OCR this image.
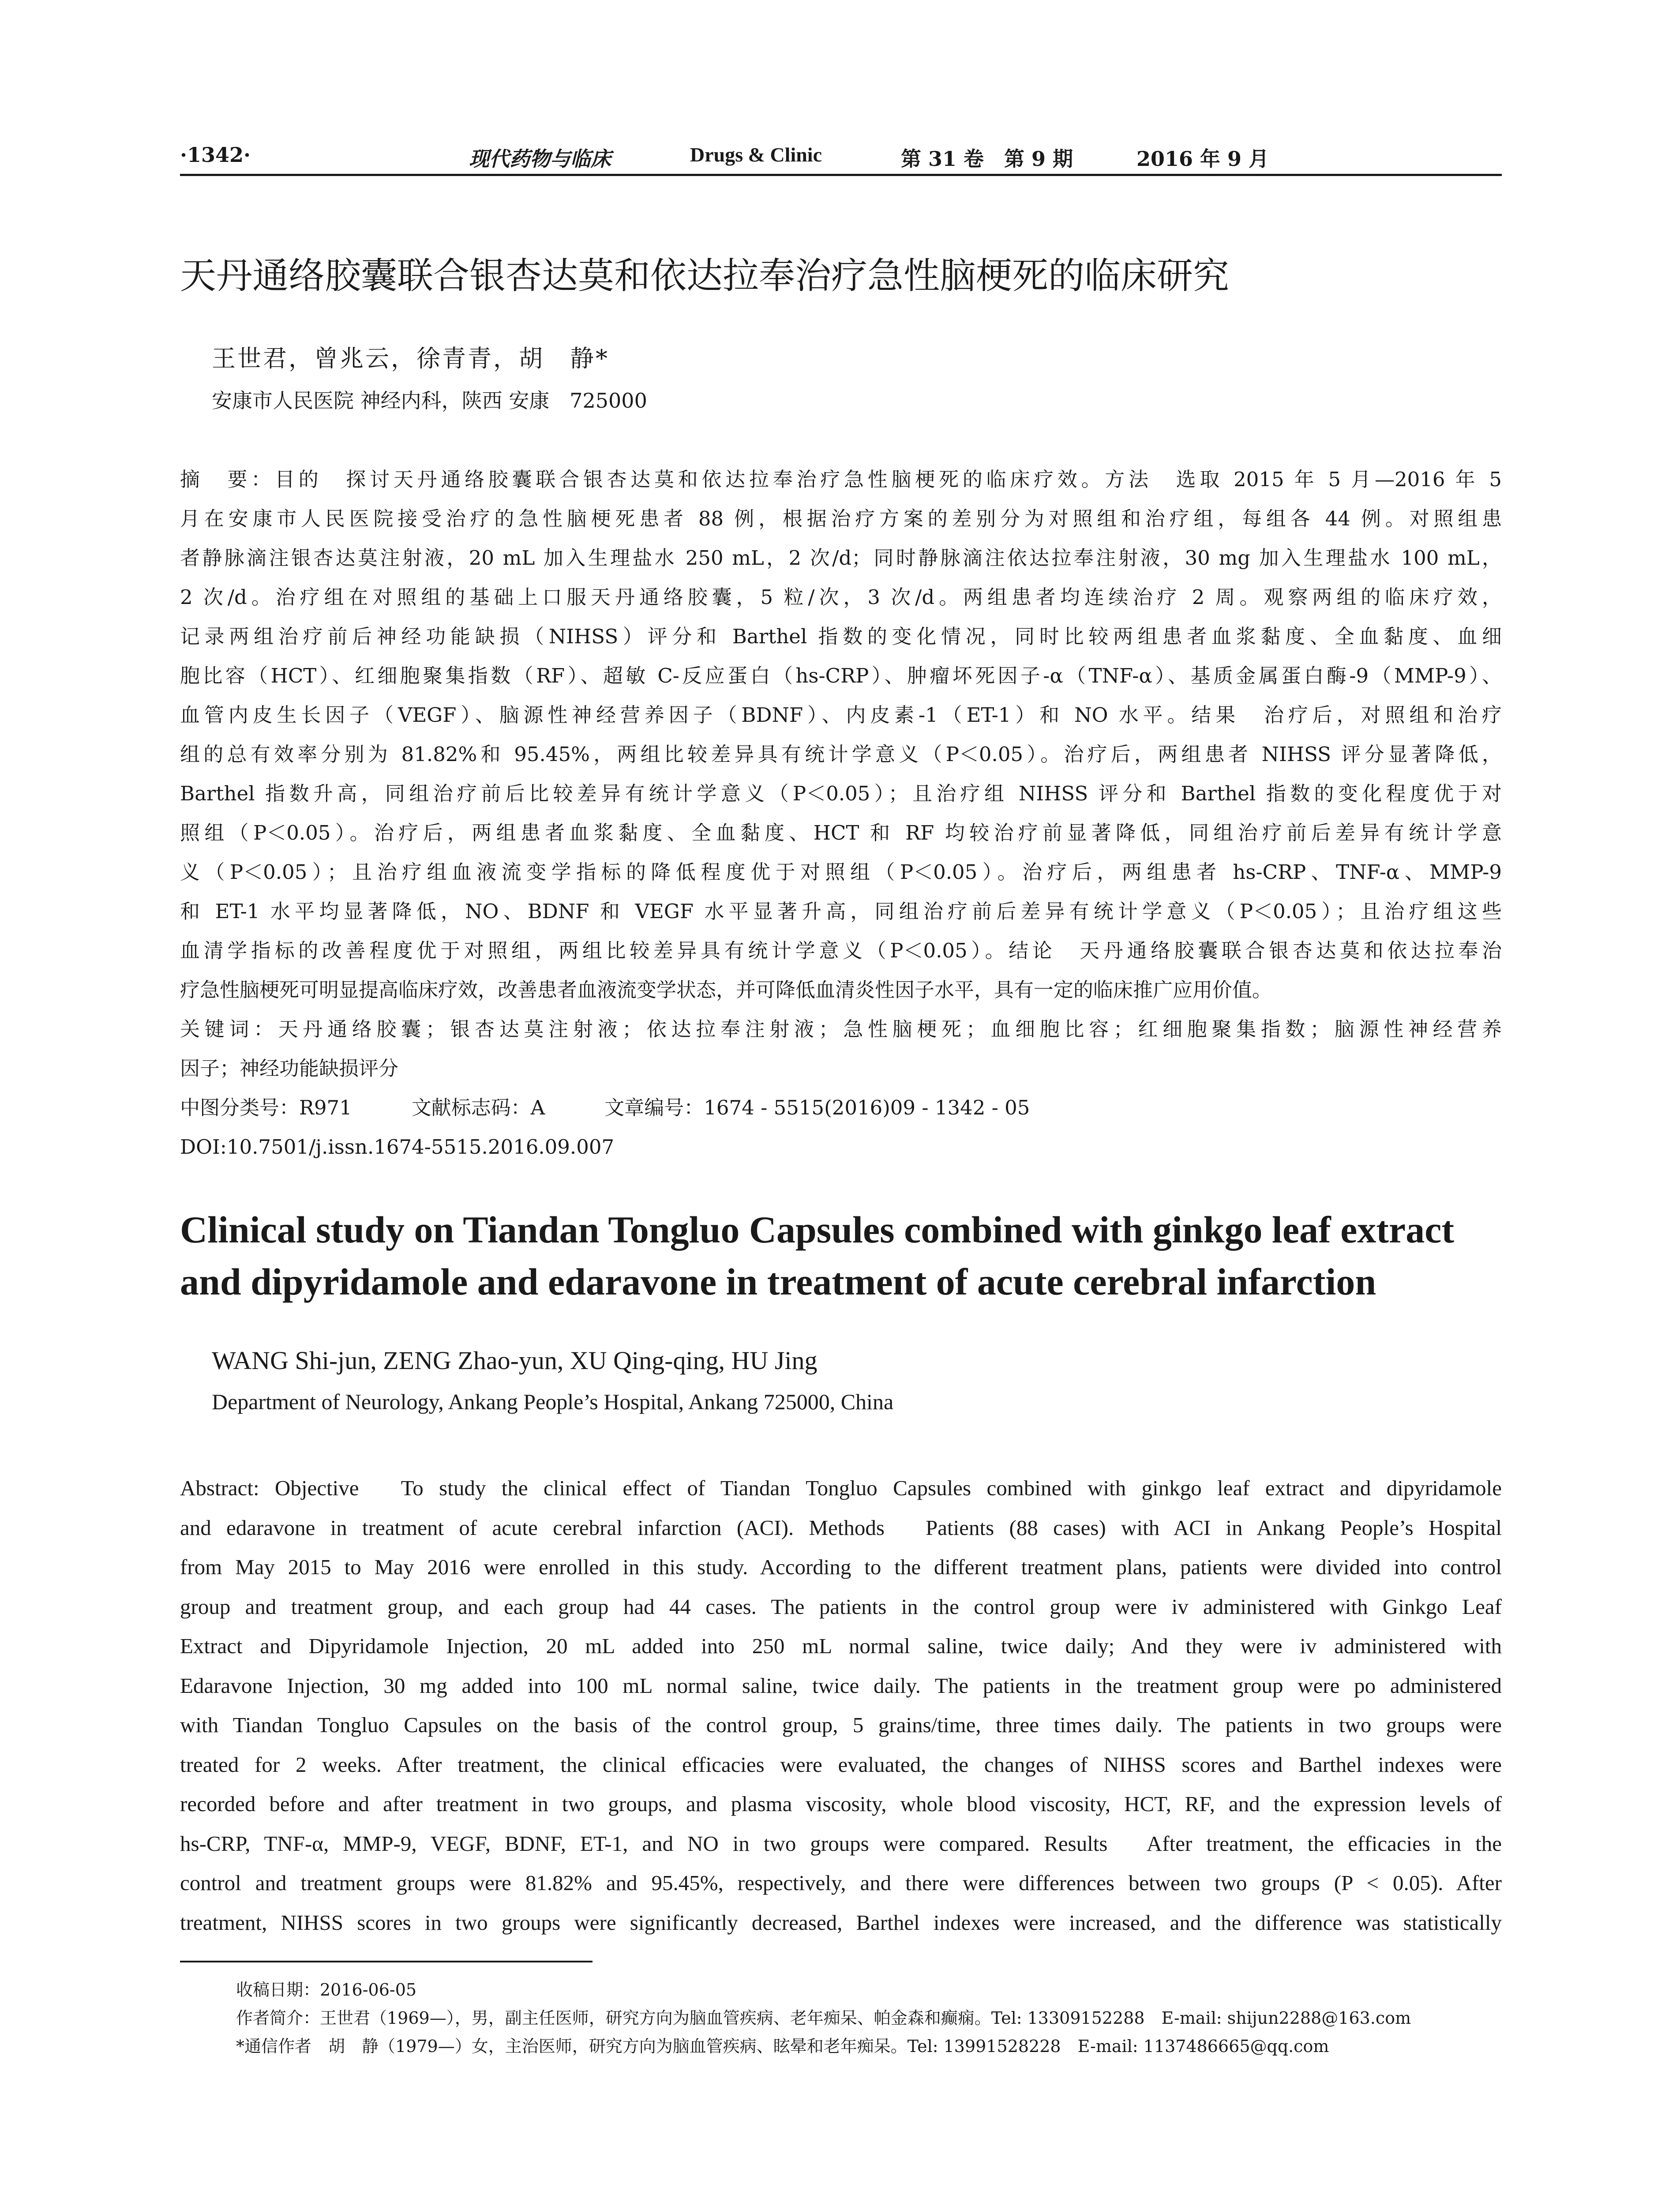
·1342·	现代药物与临床	Drugs & Clinic	第 31 卷　第 9 期	2016 年 9 月
天丹通络胶囊联合银杏达莫和依达拉奉治疗急性脑梗死的临床研究
王世君，曾兆云，徐青青，胡　静*
安康市人民医院 神经内科，陕西 安康　725000
摘　要：目的　探讨天丹通络胶囊联合银杏达莫和依达拉奉治疗急性脑梗死的临床疗效。方法　选取 2015 年 5 月—2016 年 5
月在安康市人民医院接受治疗的急性脑梗死患者 88 例，根据治疗方案的差别分为对照组和治疗组，每组各 44 例。对照组患
者静脉滴注银杏达莫注射液，20 mL 加入生理盐水 250 mL，2 次/d；同时静脉滴注依达拉奉注射液，30 mg 加入生理盐水 100 mL，
2 次/d。治疗组在对照组的基础上口服天丹通络胶囊，5 粒/次，3 次/d。两组患者均连续治疗 2 周。观察两组的临床疗效，
记录两组治疗前后神经功能缺损（NIHSS）评分和 Barthel 指数的变化情况，同时比较两组患者血浆黏度、全血黏度、血细
胞比容（HCT）、红细胞聚集指数（RF）、超敏 C-反应蛋白（hs-CRP）、肿瘤坏死因子-α（TNF-α）、基质金属蛋白酶-9（MMP-9）、
血管内皮生长因子（VEGF）、脑源性神经营养因子（BDNF）、内皮素-1（ET-1）和 NO 水平。结果　治疗后，对照组和治疗
组的总有效率分别为 81.82%和 95.45%，两组比较差异具有统计学意义（P＜0.05）。治疗后，两组患者 NIHSS 评分显著降低，
Barthel 指数升高，同组治疗前后比较差异有统计学意义（P＜0.05）；且治疗组 NIHSS 评分和 Barthel 指数的变化程度优于对
照组（P＜0.05）。治疗后，两组患者血浆黏度、全血黏度、HCT 和 RF 均较治疗前显著降低，同组治疗前后差异有统计学意
义（P＜0.05）；且治疗组血液流变学指标的降低程度优于对照组（P＜0.05）。治疗后，两组患者 hs-CRP、TNF-α、MMP-9
和 ET-1 水平均显著降低，NO、BDNF 和 VEGF 水平显著升高，同组治疗前后差异有统计学意义（P＜0.05）；且治疗组这些
血清学指标的改善程度优于对照组，两组比较差异具有统计学意义（P＜0.05）。结论　天丹通络胶囊联合银杏达莫和依达拉奉治
疗急性脑梗死可明显提高临床疗效，改善患者血液流变学状态，并可降低血清炎性因子水平，具有一定的临床推广应用价值。
关键词：天丹通络胶囊；银杏达莫注射液；依达拉奉注射液；急性脑梗死；血细胞比容；红细胞聚集指数；脑源性神经营养
因子；神经功能缺损评分
中图分类号：R971　　　文献标志码：A　　　文章编号：1674 - 5515(2016)09 - 1342 - 05
DOI:10.7501/j.issn.1674-5515.2016.09.007
Clinical study on Tiandan Tongluo Capsules combined with ginkgo leaf extract
and dipyridamole and edaravone in treatment of acute cerebral infarction
WANG Shi-jun, ZENG Zhao-yun, XU Qing-qing, HU Jing
Department of Neurology, Ankang People’s Hospital, Ankang 725000, China
Abstract: Objective　To study the clinical effect of Tiandan Tongluo Capsules combined with ginkgo leaf extract and dipyridamole
and edaravone in treatment of acute cerebral infarction (ACI). Methods　Patients (88 cases) with ACI in Ankang People’s Hospital
from May 2015 to May 2016 were enrolled in this study. According to the different treatment plans, patients were divided into control
group and treatment group, and each group had 44 cases. The patients in the control group were iv administered with Ginkgo Leaf
Extract and Dipyridamole Injection, 20 mL added into 250 mL normal saline, twice daily; And they were iv administered with
Edaravone Injection, 30 mg added into 100 mL normal saline, twice daily. The patients in the treatment group were po administered
with Tiandan Tongluo Capsules on the basis of the control group, 5 grains/time, three times daily. The patients in two groups were
treated for 2 weeks. After treatment, the clinical efficacies were evaluated, the changes of NIHSS scores and Barthel indexes were
recorded before and after treatment in two groups, and plasma viscosity, whole blood viscosity, HCT, RF, and the expression levels of
hs-CRP, TNF-α, MMP-9, VEGF, BDNF, ET-1, and NO in two groups were compared. Results　After treatment, the efficacies in the
control and treatment groups were 81.82% and 95.45%, respectively, and there were differences between two groups (P < 0.05). After
treatment, NIHSS scores in two groups were significantly decreased, Barthel indexes were increased, and the difference was statistically
收稿日期：2016-06-05
作者简介：王世君（1969—），男，副主任医师，研究方向为脑血管疾病、老年痴呆、帕金森和癫痫。Tel: 13309152288　E-mail: shijun2288@163.com
*通信作者　胡　静（1979—）女，主治医师，研究方向为脑血管疾病、眩晕和老年痴呆。Tel: 13991528228　E-mail: 1137486665@qq.com
